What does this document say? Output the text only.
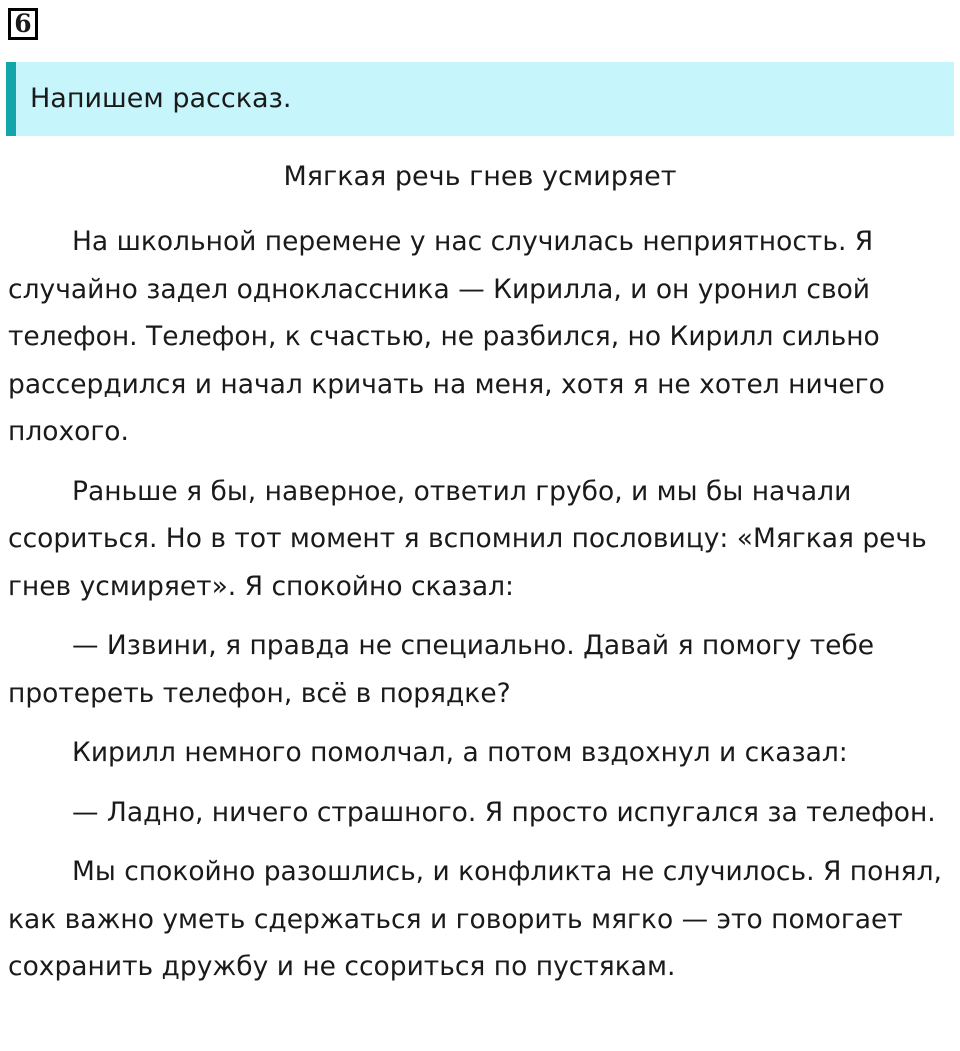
6
Напишем рассказ.
Мягкая речь гнев усмиряет

На школьной перемене у нас случилась неприятность. Я случайно задел одноклассника — Кирилла, и он уронил свой телефон. Телефон, к счастью, не разбился, но Кирилл сильно рассердился и начал кричать на меня, хотя я не хотел ничего плохого.

Раньше я бы, наверное, ответил грубо, и мы бы начали ссориться. Но в тот момент я вспомнил пословицу: «Мягкая речь гнев усмиряет». Я спокойно сказал:

— Извини, я правда не специально. Давай я помогу тебе протереть телефон, всё в порядке?

Кирилл немного помолчал, а потом вздохнул и сказал:

— Ладно, ничего страшного. Я просто испугался за телефон.

Мы спокойно разошлись, и конфликта не случилось. Я понял, как важно уметь сдержаться и говорить мягко — это помогает сохранить дружбу и не ссориться по пустякам.
